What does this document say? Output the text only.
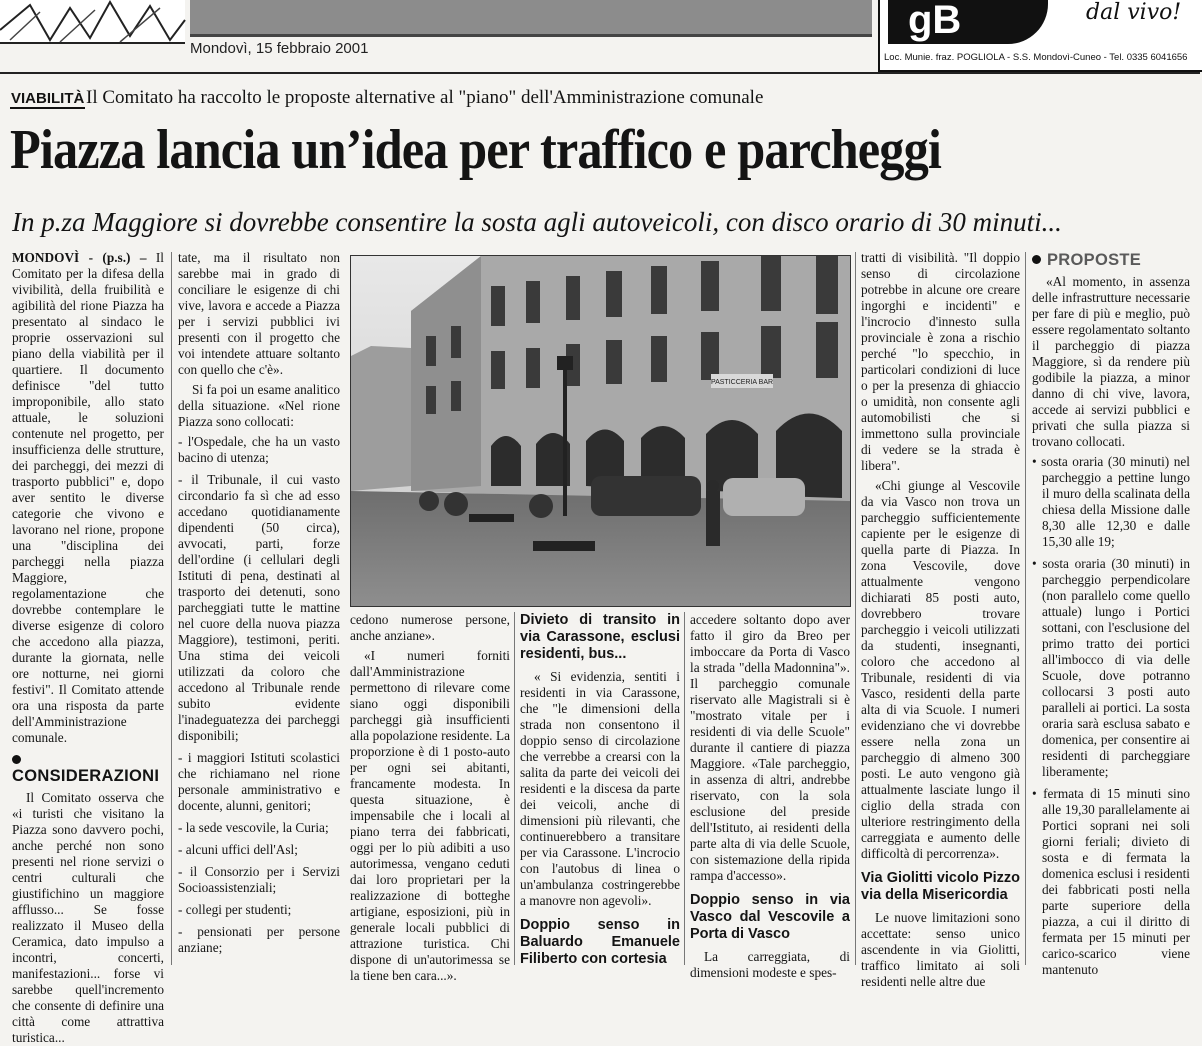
Mondovì, 15 febbraio 2001
gB	dal vivo!
Loc. Munie. fraz. POGLIOLA - S.S. Mondovì-Cuneo - Tel. 0335 6041656
VIABILITÀ Il Comitato ha raccolto le proposte alternative al "piano" dell'Amministrazione comunale
Piazza lancia un’idea per traffico e parcheggi
In p.za Maggiore si dovrebbe consentire la sosta agli autoveicoli, con disco orario di 30 minuti...

MONDOVÌ - (p.s.) – Il Comitato per la difesa della vivibilità, della fruibilità e agibilità del rione Piazza ha presentato al sindaco le proprie osservazioni sul piano della viabilità per il quartiere. Il documento definisce "del tutto improponibile, allo stato attuale, le soluzioni contenute nel progetto, per insufficienza delle strutture, dei parcheggi, dei mezzi di trasporto pubblici" e, dopo aver sentito le diverse categorie che vivono e lavorano nel rione, propone una "disciplina dei parcheggi nella piazza Maggiore, regolamentazione che dovrebbe contemplare le diverse esigenze di coloro che accedono alla piazza, durante la giornata, nelle ore notturne, nei giorni festivi". Il Comitato attende ora una risposta da parte dell'Amministrazione comunale.

CONSIDERAZIONI

Il Comitato osserva che «i turisti che visitano la Piazza sono davvero pochi, anche perché non sono presenti nel rione servizi o centri culturali che giustifichino un maggiore afflusso... Se fosse realizzato il Museo della Ceramica, dato impulso a incontri, concerti, manifestazioni... forse vi sarebbe quell'incremento che consente di definire una città come attrattiva turistica...

tate, ma il risultato non sarebbe mai in grado di conciliare le esigenze di chi vive, lavora e accede a Piazza per i servizi pubblici ivi presenti con il progetto che voi intendete attuare soltanto con quello che c'è».

Si fa poi un esame analitico della situazione. «Nel rione Piazza sono collocati:

- l'Ospedale, che ha un vasto bacino di utenza;

- il Tribunale, il cui vasto circondario fa sì che ad esso accedano quotidianamente dipendenti (50 circa), avvocati, parti, forze dell'ordine (i cellulari degli Istituti di pena, destinati al trasporto dei detenuti, sono parcheggiati tutte le mattine nel cuore della nuova piazza Maggiore), testimoni, periti. Una stima dei veicoli utilizzati da coloro che accedono al Tribunale rende subito evidente l'inadeguatezza dei parcheggi disponibili;

- i maggiori Istituti scolastici che richiamano nel rione personale amministrativo e docente, alunni, genitori;

- la sede vescovile, la Curia;

- alcuni uffici dell'Asl;

- il Consorzio per i Servizi Socioassistenziali;

- collegi per studenti;

- pensionati per persone anziane;

PASTICCERIA BAR

cedono numerose persone, anche anziane».

«I numeri forniti dall'Amministrazione permettono di rilevare come siano oggi disponibili parcheggi già insufficienti alla popolazione residente. La proporzione è di 1 posto-auto per ogni sei abitanti, francamente modesta. In questa situazione, è impensabile che i locali al piano terra dei fabbricati, oggi per lo più adibiti a uso autorimessa, vengano ceduti dai loro proprietari per la realizzazione di botteghe artigiane, esposizioni, più in generale locali pubblici di attrazione turistica. Chi dispone di un'autorimessa se la tiene ben cara...».

Divieto di transito in via Carassone, esclusi residenti, bus...

« Si evidenzia, sentiti i residenti in via Carassone, che "le dimensioni della strada non consentono il doppio senso di circolazione che verrebbe a crearsi con la salita da parte dei veicoli dei residenti e la discesa da parte dei veicoli, anche di dimensioni più rilevanti, che continuerebbero a transitare per via Carassone. L'incrocio con l'autobus di linea o un'ambulanza costringerebbe a manovre non agevoli».

Doppio senso in Baluardo Emanuele Filiberto con cortesia

accedere soltanto dopo aver fatto il giro da Breo per imboccare da Porta di Vasco la strada "della Madonnina"». Il parcheggio comunale riservato alle Magistrali si è "mostrato vitale per i residenti di via delle Scuole" durante il cantiere di piazza Maggiore. «Tale parcheggio, in assenza di altri, andrebbe riservato, con la sola esclusione del preside dell'Istituto, ai residenti della parte alta di via delle Scuole, con sistemazione della ripida rampa d'accesso».

Doppio senso in via Vasco dal Vescovile a Porta di Vasco

La carreggiata, di dimensioni modeste e spes-

tratti di visibilità. "Il doppio senso di circolazione potrebbe in alcune ore creare ingorghi e incidenti" e l'incrocio d'innesto sulla provinciale è zona a rischio perché "lo specchio, in particolari condizioni di luce o per la presenza di ghiaccio o umidità, non consente agli automobilisti che si immettono sulla provinciale di vedere se la strada è libera".

«Chi giunge al Vescovile da via Vasco non trova un parcheggio sufficientemente capiente per le esigenze di quella parte di Piazza. In zona Vescovile, dove attualmente vengono dichiarati 85 posti auto, dovrebbero trovare parcheggio i veicoli utilizzati da studenti, insegnanti, coloro che accedono al Tribunale, residenti di via Vasco, residenti della parte alta di via Scuole. I numeri evidenziano che vi dovrebbe essere nella zona un parcheggio di almeno 300 posti. Le auto vengono già attualmente lasciate lungo il ciglio della strada con ulteriore restringimento della carreggiata e aumento delle difficoltà di percorrenza».

Via Giolitti vicolo Pizzo via della Misericordia

Le nuove limitazioni sono accettate: senso unico ascendente in via Giolitti, traffico limitato ai soli residenti nelle altre due

PROPOSTE

«Al momento, in assenza delle infrastrutture necessarie per fare di più e meglio, può essere regolamentato soltanto il parcheggio di piazza Maggiore, sì da rendere più godibile la piazza, a minor danno di chi vive, lavora, accede ai servizi pubblici e privati che sulla piazza si trovano collocati.

• sosta oraria (30 minuti) nel parcheggio a pettine lungo il muro della scalinata della chiesa della Missione dalle 8,30 alle 12,30 e dalle 15,30 alle 19;
• sosta oraria (30 minuti) in parcheggio perpendicolare (non parallelo come quello attuale) lungo i Portici sottani, con l'esclusione del primo tratto dei portici all'imbocco di via delle Scuole, dove potranno collocarsi 3 posti auto paralleli ai portici. La sosta oraria sarà esclusa sabato e domenica, per consentire ai residenti di parcheggiare liberamente;
• fermata di 15 minuti sino alle 19,30 parallelamente ai Portici soprani nei soli giorni feriali; divieto di sosta e di fermata la domenica esclusi i residenti dei fabbricati posti nella parte superiore della piazza, a cui il diritto di fermata per 15 minuti per carico-scarico viene mantenuto
